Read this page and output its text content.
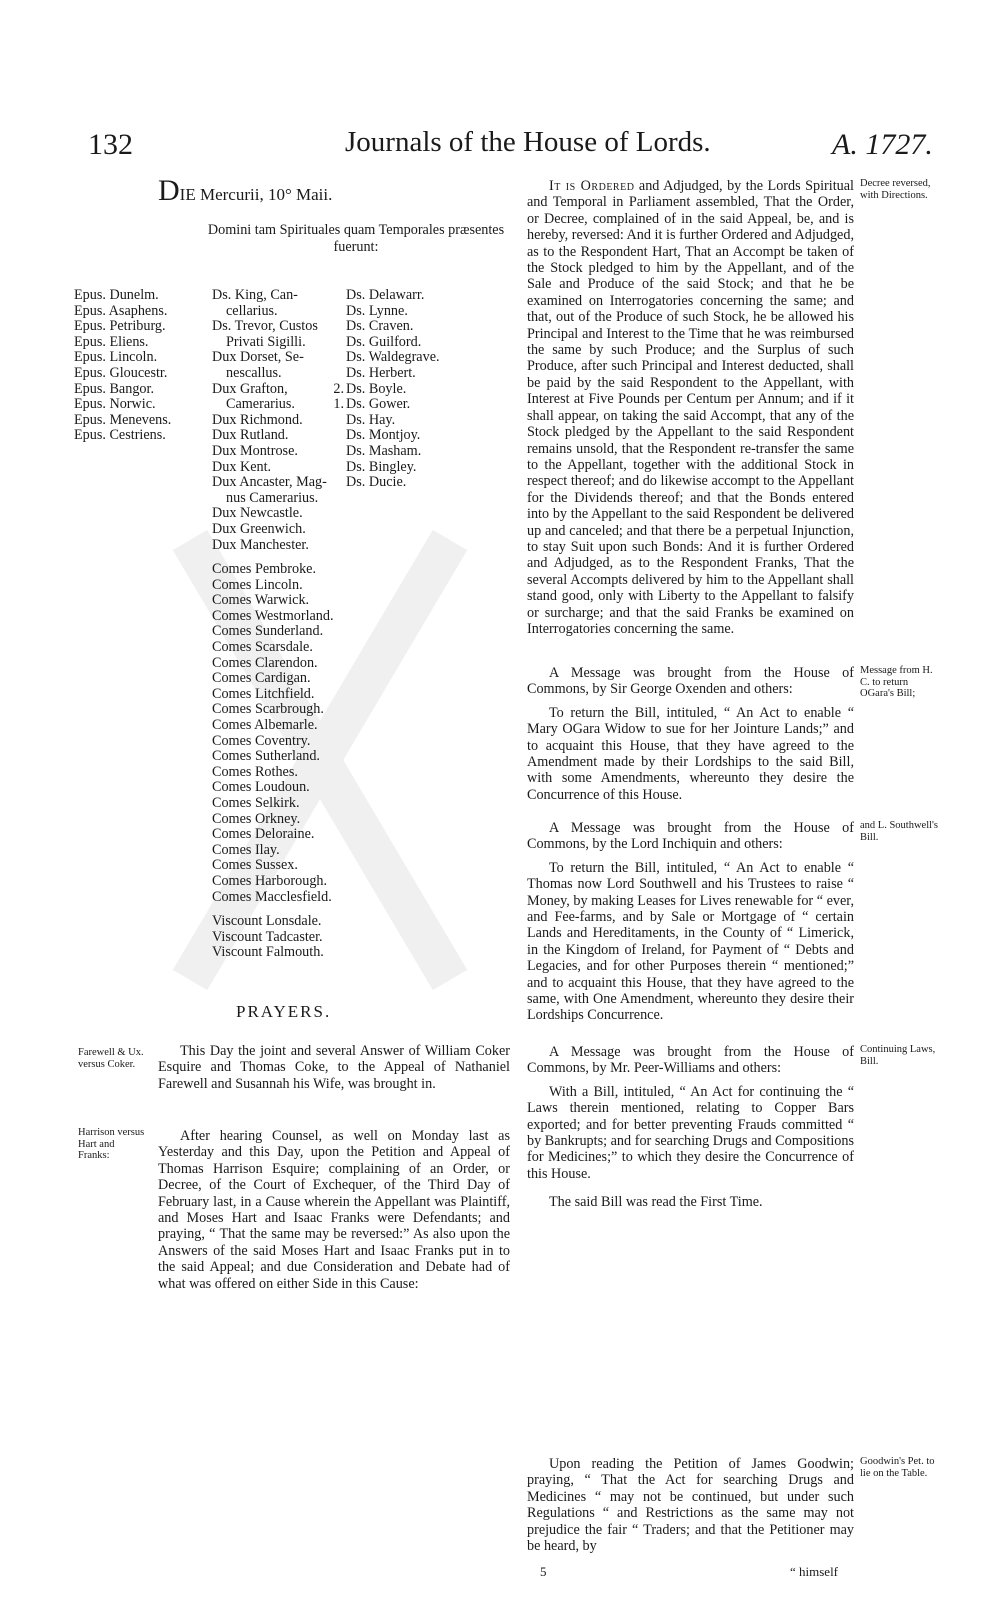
132	Journals of the House of Lords.	A. 1727.
DIE Mercurii, 10° Maii.
Domini tam Spirituales quam Temporales præsentes fuerunt:
Epus. Dunelm.
Epus. Asaphens.
Epus. Petriburg.
Epus. Eliens.
Epus. Lincoln.
Epus. Gloucestr.
Epus. Bangor.
Epus. Norwic.
Epus. Menevens.
Epus. Cestriens.
Ds. King, Can-
cellarius.
Ds. Trevor, Custos
Privati Sigilli.
Dux Dorset, Se-
nescallus.
Dux Grafton,
Camerarius.
Dux Richmond.
Dux Rutland.
Dux Montrose.
Dux Kent.
Dux Ancaster, Mag-
nus Camerarius.
Dux Newcastle.
Dux Greenwich.
Dux Manchester.
Comes Pembroke.
Comes Lincoln.
Comes Warwick.
Comes Westmorland.
Comes Sunderland.
Comes Scarsdale.
Comes Clarendon.
Comes Cardigan.
Comes Litchfield.
Comes Scarbrough.
Comes Albemarle.
Comes Coventry.
Comes Sutherland.
Comes Rothes.
Comes Loudoun.
Comes Selkirk.
Comes Orkney.
Comes Deloraine.
Comes Ilay.
Comes Sussex.
Comes Harborough.
Comes Macclesfield.
Viscount Lonsdale.
Viscount Tadcaster.
Viscount Falmouth.
Ds. Delawarr.
Ds. Lynne.
Ds. Craven.
Ds. Guilford.
Ds. Waldegrave.
Ds. Herbert.
2. Ds. Boyle.
1. Ds. Gower.
Ds. Hay.
Ds. Montjoy.
Ds. Masham.
Ds. Bingley.
Ds. Ducie.
PRAYERS.
Farewell & Ux. versus Coker.

This Day the joint and several Answer of William Coker Esquire and Thomas Coke, to the Appeal of Nathaniel Farewell and Susannah his Wife, was brought in.

Harrison versus Hart and Franks:

After hearing Counsel, as well on Monday last as Yesterday and this Day, upon the Petition and Appeal of Thomas Harrison Esquire; complaining of an Order, or Decree, of the Court of Exchequer, of the Third Day of February last, in a Cause wherein the Appellant was Plaintiff, and Moses Hart and Isaac Franks were Defendants; and praying, “ That the same may be reversed:” As also upon the Answers of the said Moses Hart and Isaac Franks put in to the said Appeal; and due Consideration and Debate had of what was offered on either Side in this Cause:

Decree reversed, with Directions.

It is Ordered and Adjudged, by the Lords Spiritual and Temporal in Parliament assembled, That the Order, or Decree, complained of in the said Appeal, be, and is hereby, reversed: And it is further Ordered and Adjudged, as to the Respondent Hart, That an Accompt be taken of the Stock pledged to him by the Appellant, and of the Sale and Produce of the said Stock; and that he be examined on Interrogatories concerning the same; and that, out of the Produce of such Stock, he be allowed his Principal and Interest to the Time that he was reimbursed the same by such Produce; and the Surplus of such Produce, after such Principal and Interest deducted, shall be paid by the said Respondent to the Appellant, with Interest at Five Pounds per Centum per Annum; and if it shall appear, on taking the said Accompt, that any of the Stock pledged by the Appellant to the said Respondent remains unsold, that the Respondent re-transfer the same to the Appellant, together with the additional Stock in respect thereof; and do likewise accompt to the Appellant for the Dividends thereof; and that the Bonds entered into by the Appellant to the said Respondent be delivered up and canceled; and that there be a perpetual Injunction, to stay Suit upon such Bonds: And it is further Ordered and Adjudged, as to the Respondent Franks, That the several Accompts delivered by him to the Appellant shall stand good, only with Liberty to the Appellant to falsify or surcharge; and that the said Franks be examined on Interrogatories concerning the same.

Message from H. C. to return OGara's Bill;

A Message was brought from the House of Commons, by Sir George Oxenden and others:

To return the Bill, intituled, “ An Act to enable “ Mary OGara Widow to sue for her Jointure Lands;” and to acquaint this House, that they have agreed to the Amendment made by their Lordships to the said Bill, with some Amendments, whereunto they desire the Concurrence of this House.

and L. Southwell's Bill.

A Message was brought from the House of Commons, by the Lord Inchiquin and others:

To return the Bill, intituled, “ An Act to enable “ Thomas now Lord Southwell and his Trustees to raise “ Money, by making Leases for Lives renewable for “ ever, and Fee-farms, and by Sale or Mortgage of “ certain Lands and Hereditaments, in the County of “ Limerick, in the Kingdom of Ireland, for Payment of “ Debts and Legacies, and for other Purposes therein “ mentioned;” and to acquaint this House, that they have agreed to the same, with One Amendment, whereunto they desire their Lordships Concurrence.

Continuing Laws, Bill.

A Message was brought from the House of Commons, by Mr. Peer-Williams and others:

With a Bill, intituled, “ An Act for continuing the “ Laws therein mentioned, relating to Copper Bars exported; and for better preventing Frauds committed “ by Bankrupts; and for searching Drugs and Compositions for Medicines;” to which they desire the Concurrence of this House.

The said Bill was read the First Time.

Goodwin's Pet. to lie on the Table.

Upon reading the Petition of James Goodwin; praying, “ That the Act for searching Drugs and Medicines “ may not be continued, but under such Regulations “ and Restrictions as the same may not prejudice the fair “ Traders; and that the Petitioner may be heard, by

5	“ himself
